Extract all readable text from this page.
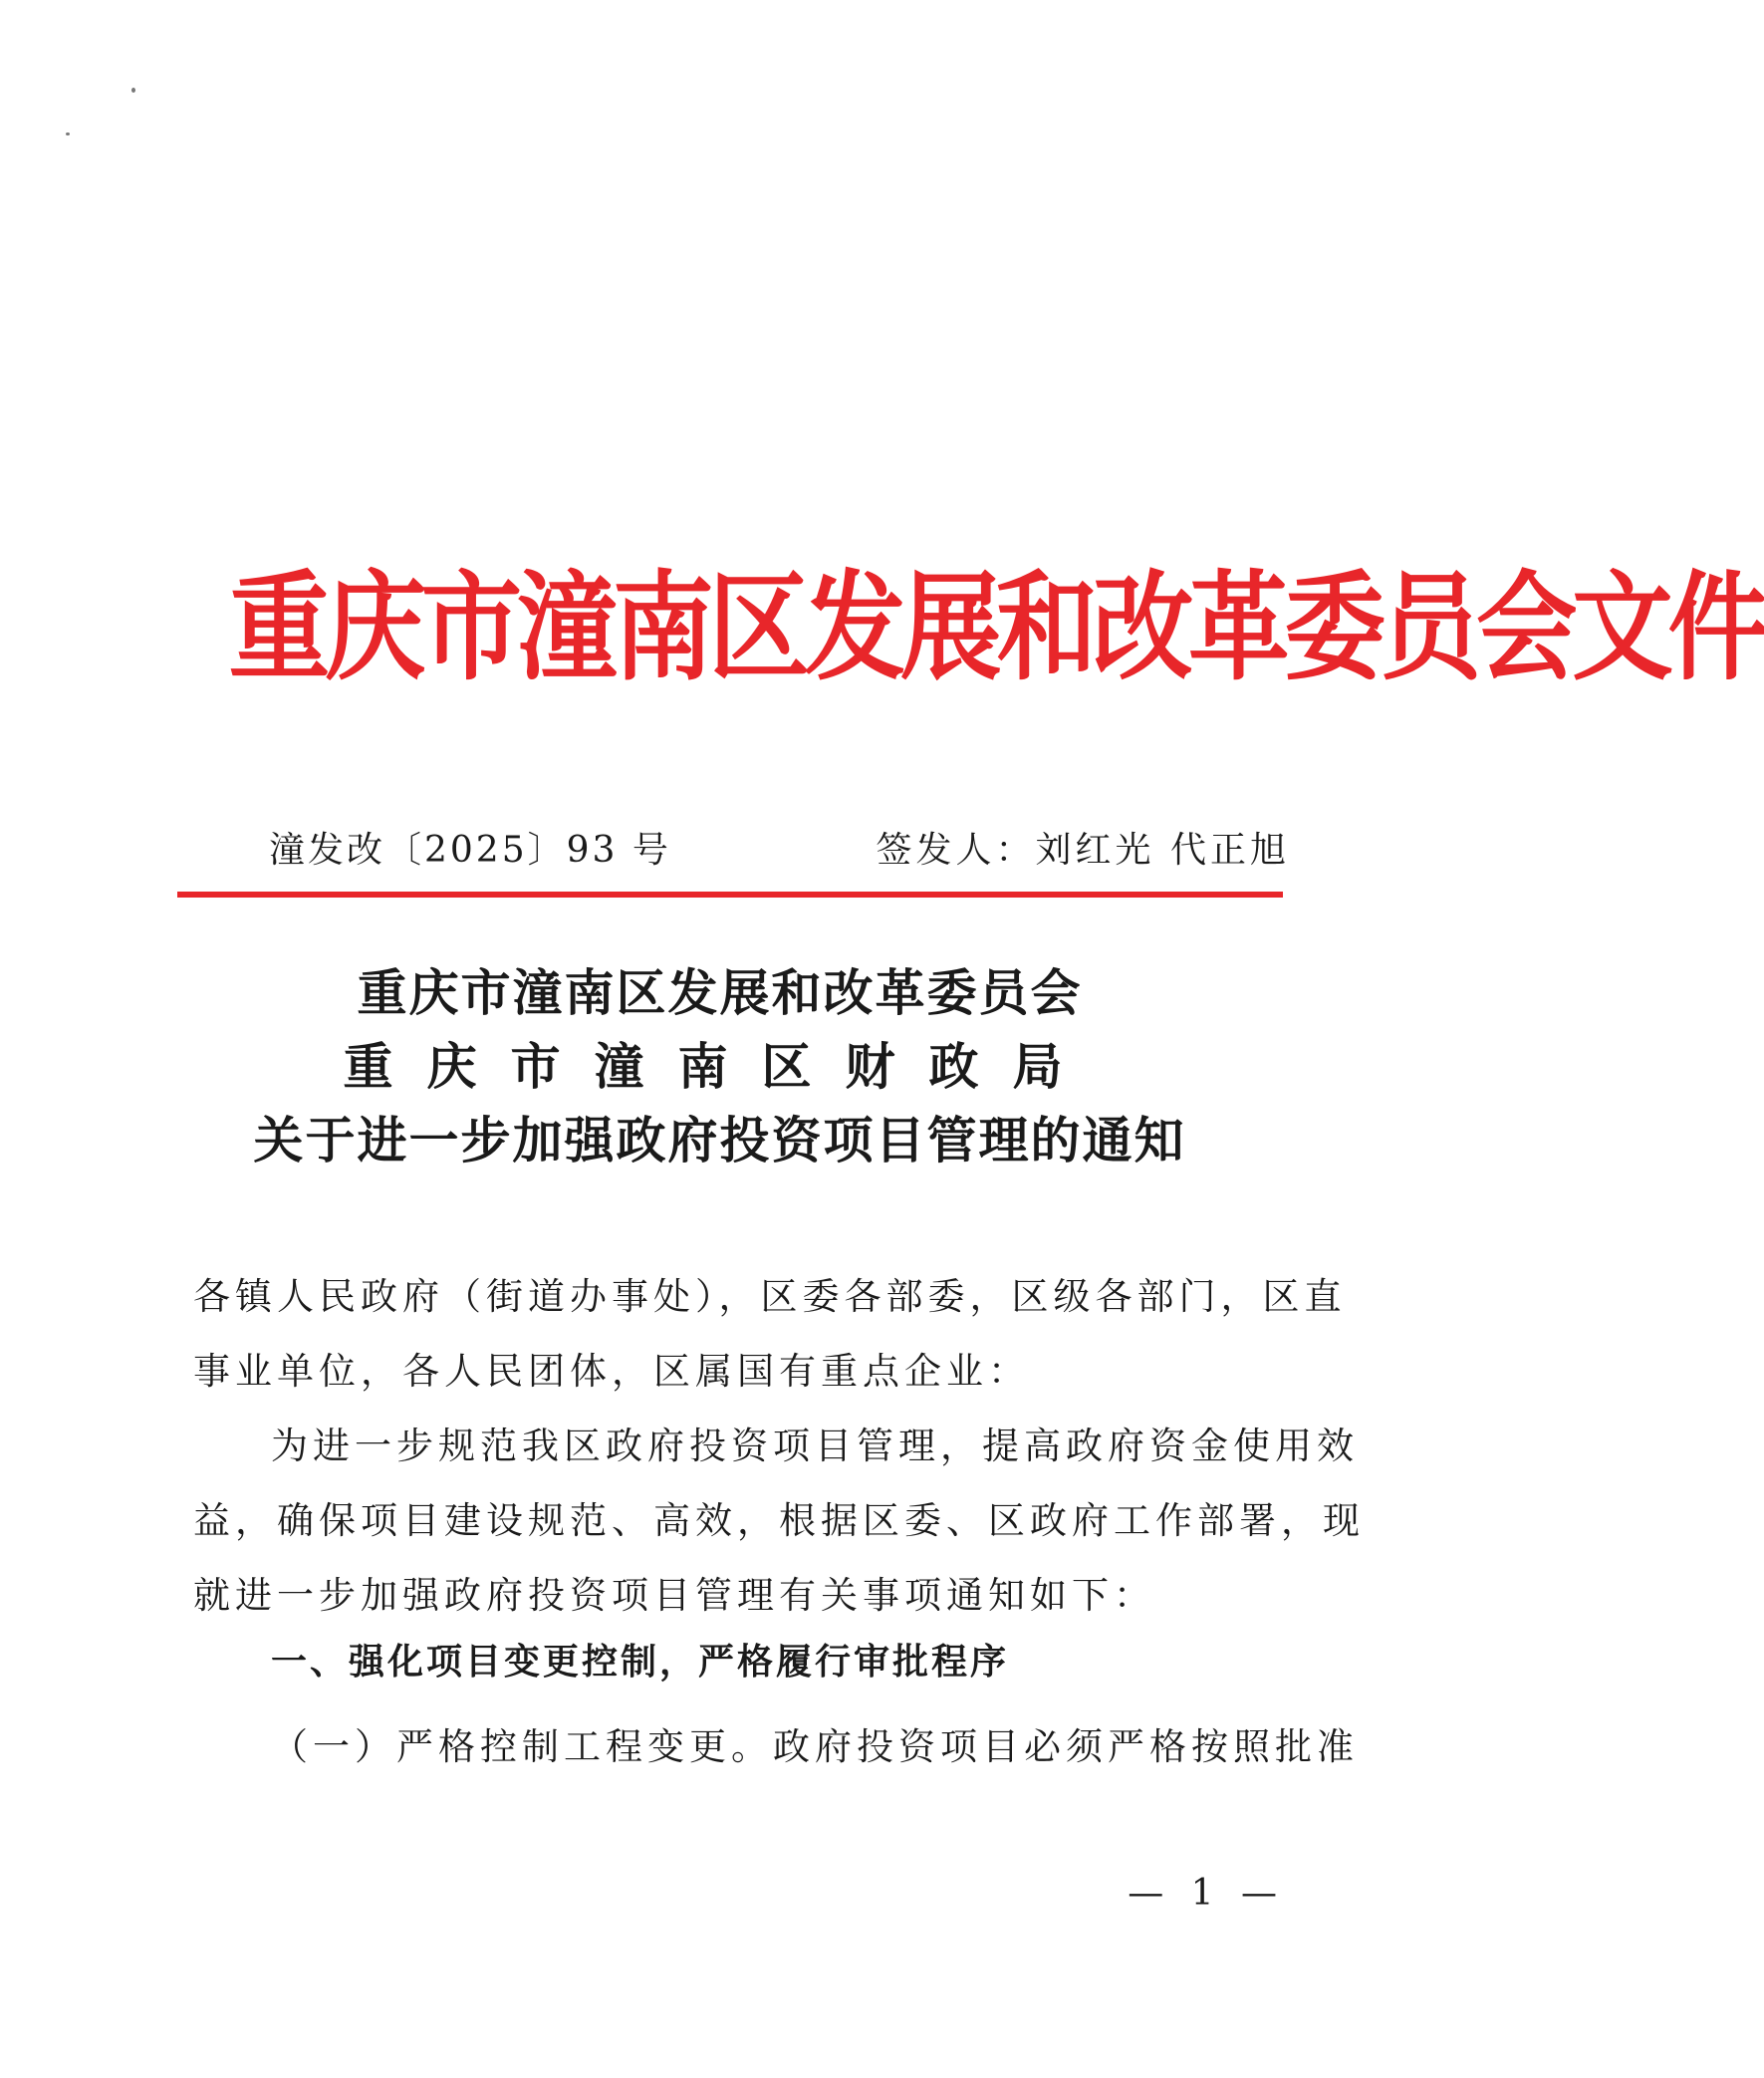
重庆市潼南区发展和改革委员会文件
潼发改〔2025〕93 号	签发人：刘红光 代正旭
重庆市潼南区发展和改革委员会
重庆市潼南区财政局
关于进一步加强政府投资项目管理的通知
各镇人民政府（街道办事处），区委各部委，区级各部门，区直
事业单位，各人民团体，区属国有重点企业：
为进一步规范我区政府投资项目管理，提高政府资金使用效
益，确保项目建设规范、高效，根据区委、区政府工作部署，现
就进一步加强政府投资项目管理有关事项通知如下：
一、强化项目变更控制，严格履行审批程序
（一）严格控制工程变更。政府投资项目必须严格按照批准
— 1 —
